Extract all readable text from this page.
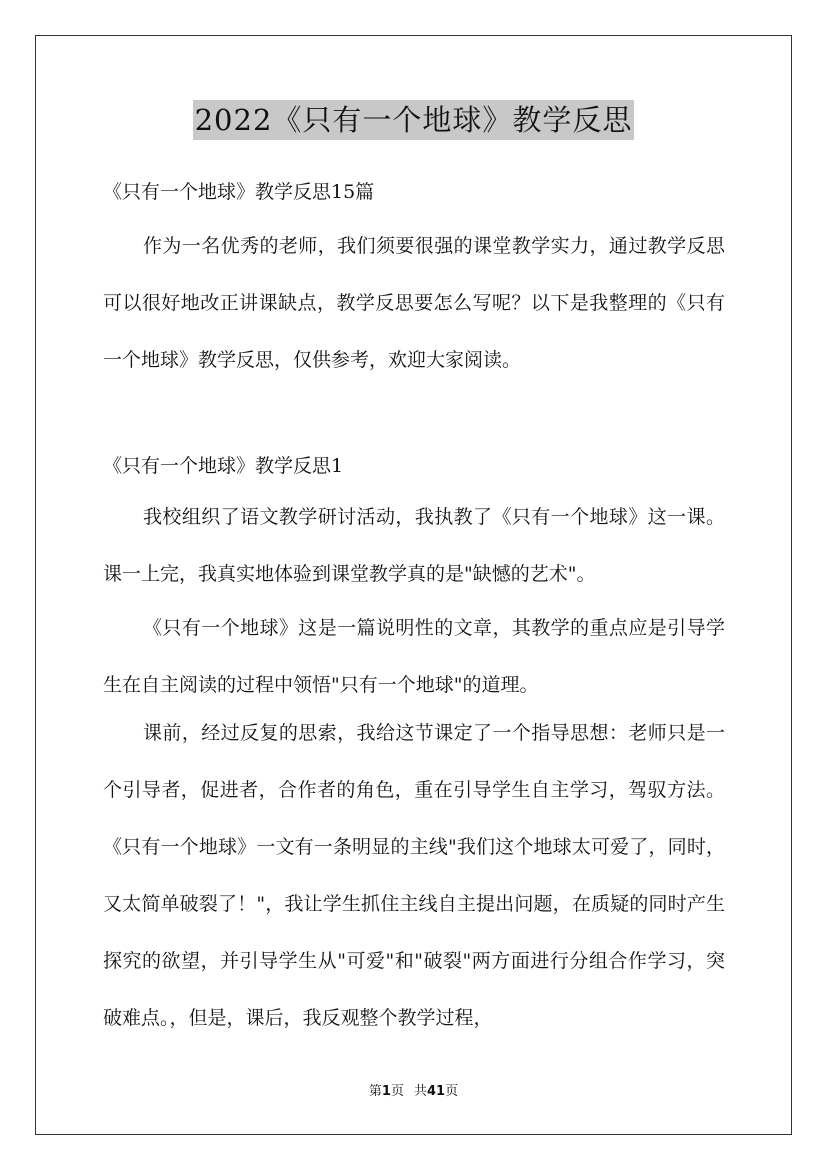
2022《只有一个地球》教学反思

《只有一个地球》教学反思15篇

作为一名优秀的老师，我们须要很强的课堂教学实力，通过教学反思可以很好地改正讲课缺点，教学反思要怎么写呢？以下是我整理的《只有一个地球》教学反思，仅供参考，欢迎大家阅读。

《只有一个地球》教学反思1

我校组织了语文教学研讨活动，我执教了《只有一个地球》这一课。课一上完，我真实地体验到课堂教学真的是"缺憾的艺术"。

《只有一个地球》这是一篇说明性的文章，其教学的重点应是引导学生在自主阅读的过程中领悟"只有一个地球"的道理。

课前，经过反复的思索，我给这节课定了一个指导思想：老师只是一个引导者，促进者，合作者的角色，重在引导学生自主学习，驾驭方法。《只有一个地球》一文有一条明显的主线"我们这个地球太可爱了，同时，又太简单破裂了！"，我让学生抓住主线自主提出问题，在质疑的同时产生探究的欲望，并引导学生从"可爱"和"破裂"两方面进行分组合作学习，突破难点。，但是，课后，我反观整个教学过程，

第1页 共41页
